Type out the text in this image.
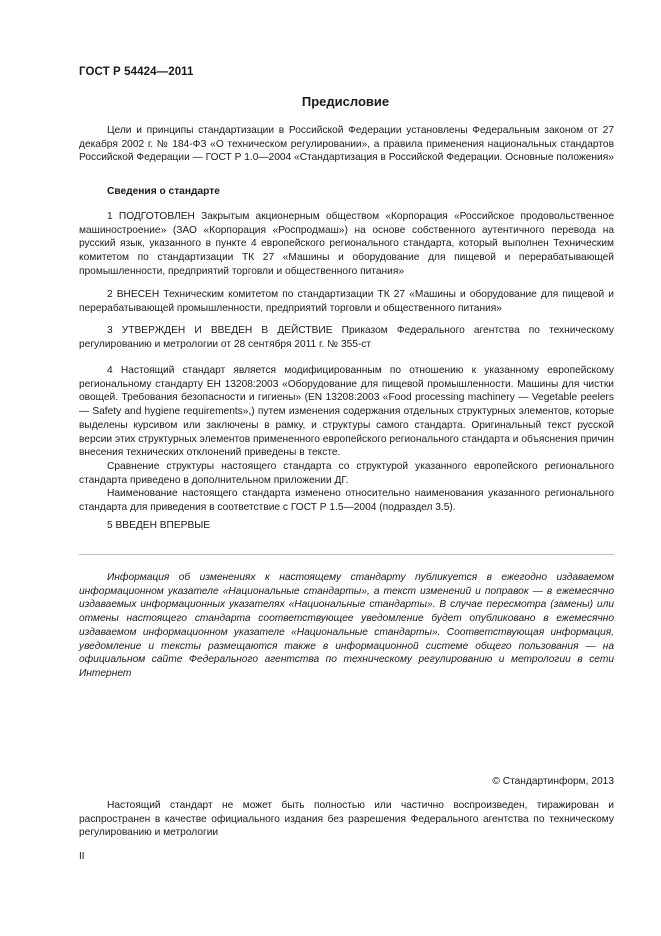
ГОСТ Р 54424—2011
Предисловие

Цели и принципы стандартизации в Российской Федерации установлены Федеральным законом от 27 декабря 2002 г. № 184-ФЗ «О техническом регулировании», а правила применения национальных стандартов Российской Федерации — ГОСТ Р 1.0—2004 «Стандартизация в Российской Федерации. Основные положения»

Сведения о стандарте

1 ПОДГОТОВЛЕН Закрытым акционерным обществом «Корпорация «Российское продовольственное машиностроение» (ЗАО «Корпорация «Роспродмаш») на основе собственного аутентичного перевода на русский язык, указанного в пункте 4 европейского регионального стандарта, который выполнен Техническим комитетом по стандартизации ТК 27 «Машины и оборудование для пищевой и перерабатывающей промышленности, предприятий торговли и общественного питания»

2 ВНЕСЕН Техническим комитетом по стандартизации ТК 27 «Машины и оборудование для пищевой и перерабатывающей промышленности, предприятий торговли и общественного питания»

3 УТВЕРЖДЕН И ВВЕДЕН В ДЕЙСТВИЕ Приказом Федерального агентства по техническому регулированию и метрологии от 28 сентября 2011 г. № 355-ст

4 Настоящий стандарт является модифицированным по отношению к указанному европейскому региональному стандарту ЕН 13208:2003 «Оборудование для пищевой промышленности. Машины для чистки овощей. Требования безопасности и гигиены» (EN 13208:2003 «Food processing machinery — Vegetable peelers — Safety and hygiene requirements»,) путем изменения содержания отдельных структурных элементов, которые выделены курсивом или заключены в рамку, и структуры самого стандарта. Оригинальный текст русской версии этих структурных элементов примененного европейского регионального стандарта и объяснения причин внесения технических отклонений приведены в тексте.

Сравнение структуры настоящего стандарта со структурой указанного европейского регионального стандарта приведено в дополнительном приложении ДГ.

Наименование настоящего стандарта изменено относительно наименования указанного регионального стандарта для приведения в соответствие с ГОСТ Р 1.5—2004 (подраздел 3.5).

5 ВВЕДЕН ВПЕРВЫЕ

Информация об изменениях к настоящему стандарту публикуется в ежегодно издаваемом информационном указателе «Национальные стандарты», а текст изменений и поправок — в ежемесячно издаваемых информационных указателях «Национальные стандарты». В случае пересмотра (замены) или отмены настоящего стандарта соответствующее уведомление будет опубликовано в ежемесячно издаваемом информационном указателе «Национальные стандарты». Соответствующая информация, уведомление и тексты размещаются также в информационной системе общего пользования — на официальном сайте Федерального агентства по техническому регулированию и метрологии в сети Интернет

© Стандартинформ, 2013

Настоящий стандарт не может быть полностью или частично воспроизведен, тиражирован и распространен в качестве официального издания без разрешения Федерального агентства по техническому регулированию и метрологии

II
